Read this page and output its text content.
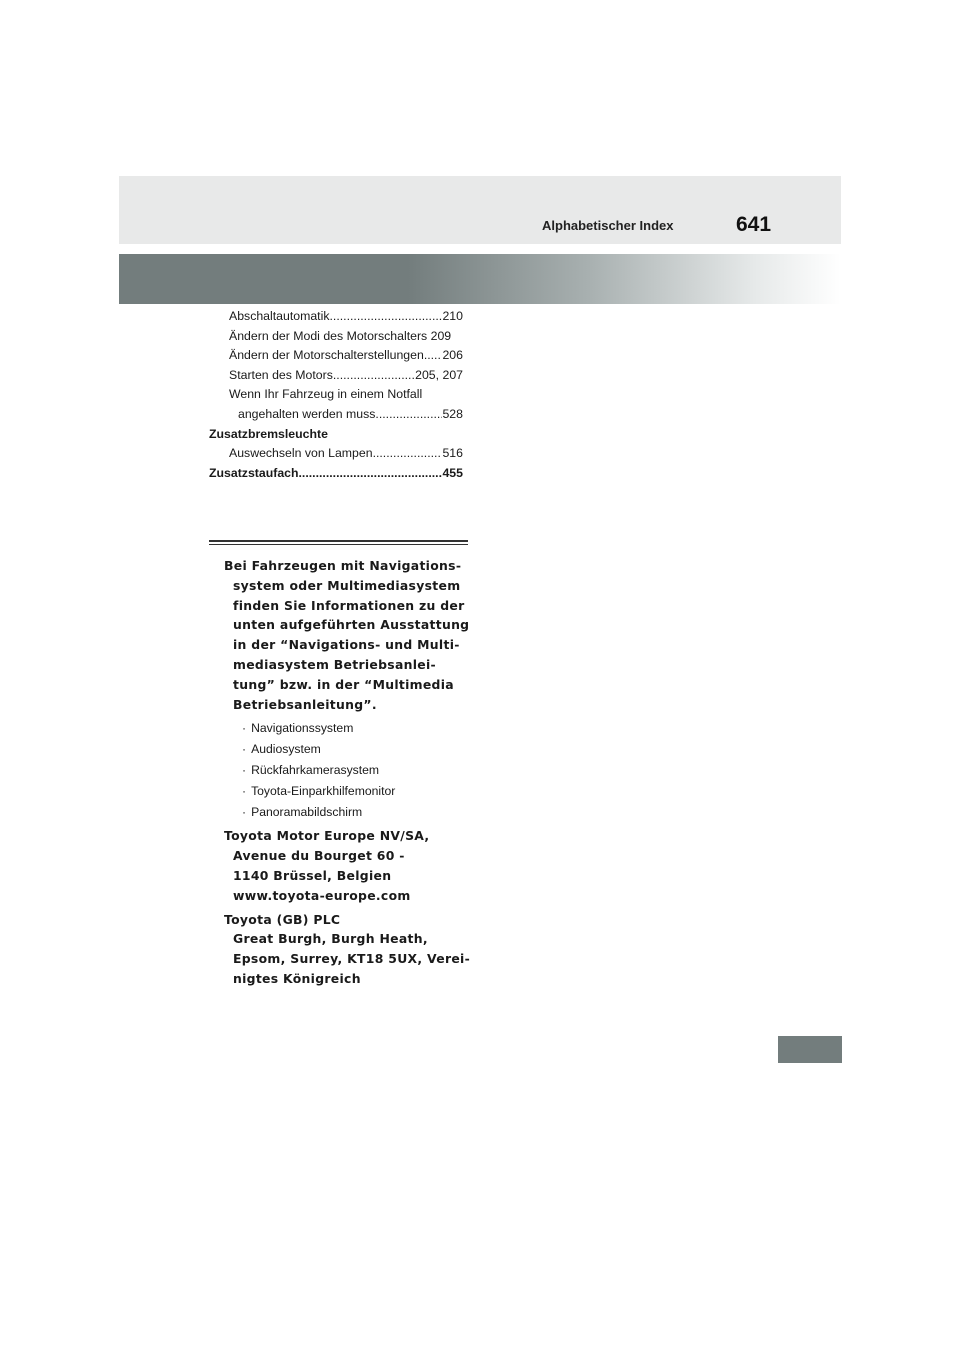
Alphabetischer Index	641
Abschaltautomatik .....	210
Ändern der Modi des Motorschalters 209
Ändern der Motorschalterstellungen ..... 206
Starten des Motors .....	205, 207
Wenn Ihr Fahrzeug in einem Notfall
angehalten werden muss .....	528
Zusatzbremsleuchte
Auswechseln von Lampen .....	516
Zusatzstaufach .....	455
Bei Fahrzeugen mit Navigations-
system oder Multimediasystem
finden Sie Informationen zu der
unten aufgeführten Ausstattung
in der “Navigations- und Multi-
mediasystem Betriebsanlei-
tung” bzw. in der “Multimedia
Betriebsanleitung”.
· Navigationssystem
· Audiosystem
· Rückfahrkamerasystem
· Toyota-Einparkhilfemonitor
· Panoramabildschirm
Toyota Motor Europe NV/SA,
Avenue du Bourget 60 -
1140 Brüssel, Belgien
www.toyota-europe.com
Toyota (GB) PLC
Great Burgh, Burgh Heath,
Epsom, Surrey, KT18 5UX, Verei-
nigtes Königreich
